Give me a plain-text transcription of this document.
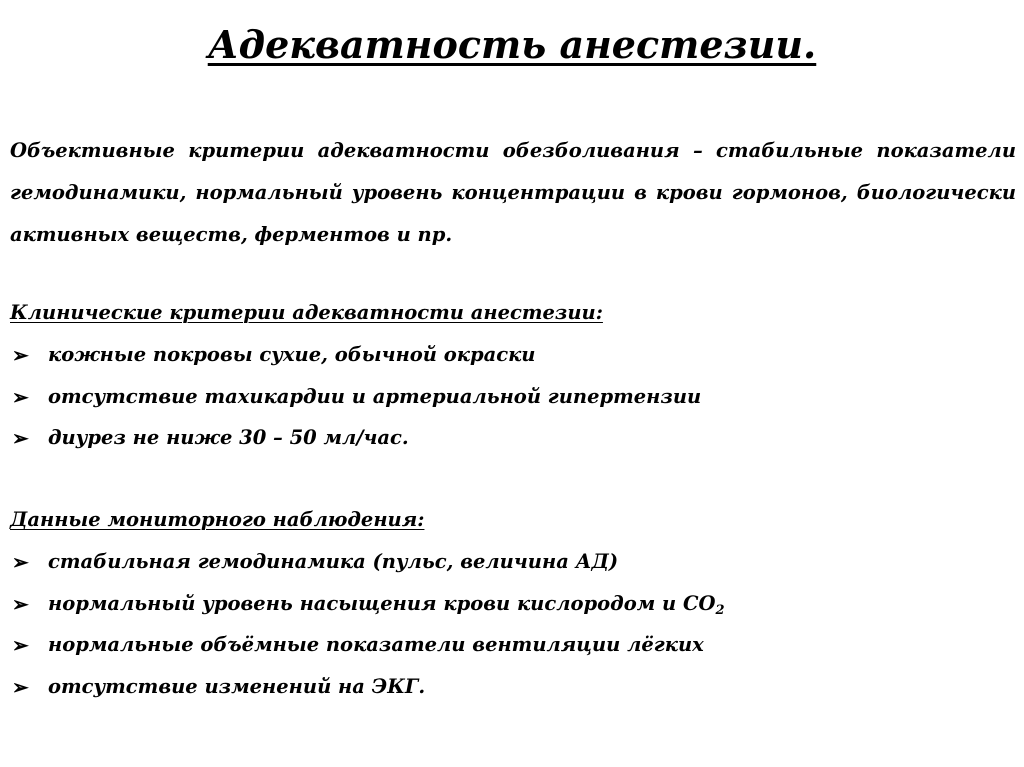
Адекватность анестезии.

Объективные критерии адекватности обезболивания – стабильные показатели гемодинамики, нормальный уровень концентрации в крови гормонов, биологически активных веществ, ферментов и пр.

Клинические критерии адекватности анестезии:
➢ кожные покровы сухие, обычной окраски
➢ отсутствие тахикардии и артериальной гипертензии
➢ диурез не ниже 30 – 50 мл/час.
Данные мониторного наблюдения:
➢ стабильная гемодинамика (пульс, величина АД)
➢ нормальный уровень насыщения крови кислородом и $СО_2$
➢ нормальные объёмные показатели вентиляции лёгких
➢ отсутствие изменений на ЭКГ.
